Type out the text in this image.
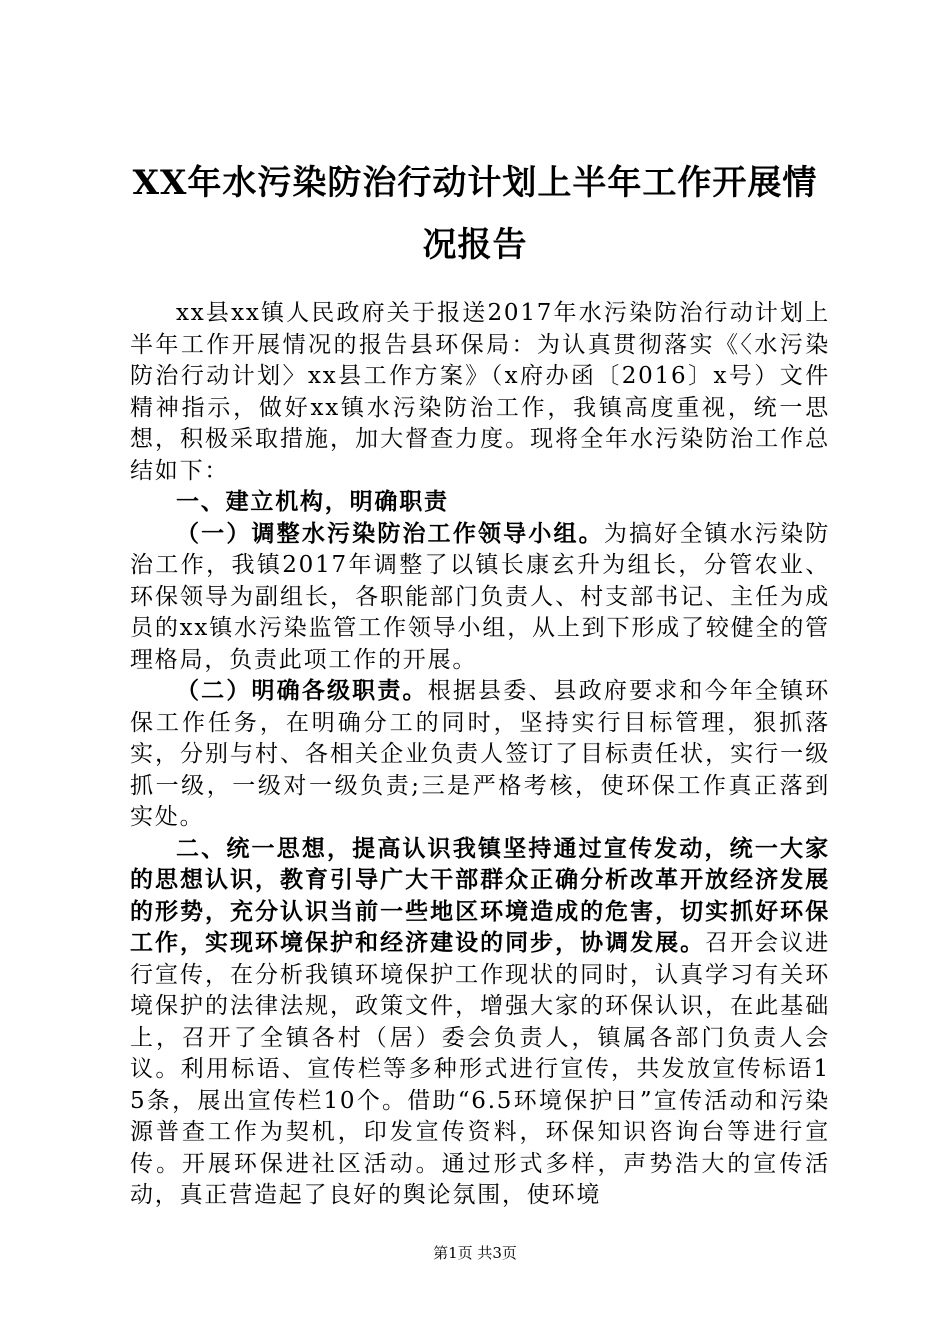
XX年水污染防治行动计划上半年工作开展情
况报告

xx县xx镇人民政府关于报送2017年水污染防治行动计划上半年工作开展情况的报告县环保局：为认真贯彻落实《〈水污染防治行动计划〉xx县工作方案》（x府办函〔2016〕x号）文件精神指示，做好xx镇水污染防治工作，我镇高度重视，统一思想，积极采取措施，加大督查力度。现将全年水污染防治工作总结如下：

一、建立机构，明确职责

（一）调整水污染防治工作领导小组。为搞好全镇水污染防治工作，我镇2017年调整了以镇长康玄升为组长，分管农业、环保领导为副组长，各职能部门负责人、村支部书记、主任为成员的xx镇水污染监管工作领导小组，从上到下形成了较健全的管理格局，负责此项工作的开展。

（二）明确各级职责。根据县委、县政府要求和今年全镇环保工作任务，在明确分工的同时，坚持实行目标管理，狠抓落实，分别与村、各相关企业负责人签订了目标责任状，实行一级抓一级，一级对一级负责;三是严格考核，使环保工作真正落到实处。

二、统一思想，提高认识我镇坚持通过宣传发动，统一大家的思想认识，教育引导广大干部群众正确分析改革开放经济发展的形势，充分认识当前一些地区环境造成的危害，切实抓好环保工作，实现环境保护和经济建设的同步，协调发展。召开会议进行宣传，在分析我镇环境保护工作现状的同时，认真学习有关环境保护的法律法规，政策文件，增强大家的环保认识，在此基础上，召开了全镇各村（居）委会负责人，镇属各部门负责人会议。利用标语、宣传栏等多种形式进行宣传，共发放宣传标语15条，展出宣传栏10个。借助“6.5环境保护日”宣传活动和污染源普查工作为契机，印发宣传资料，环保知识咨询台等进行宣传。开展环保进社区活动。通过形式多样，声势浩大的宣传活动，真正营造起了良好的舆论氛围，使环境

第1页 共3页
